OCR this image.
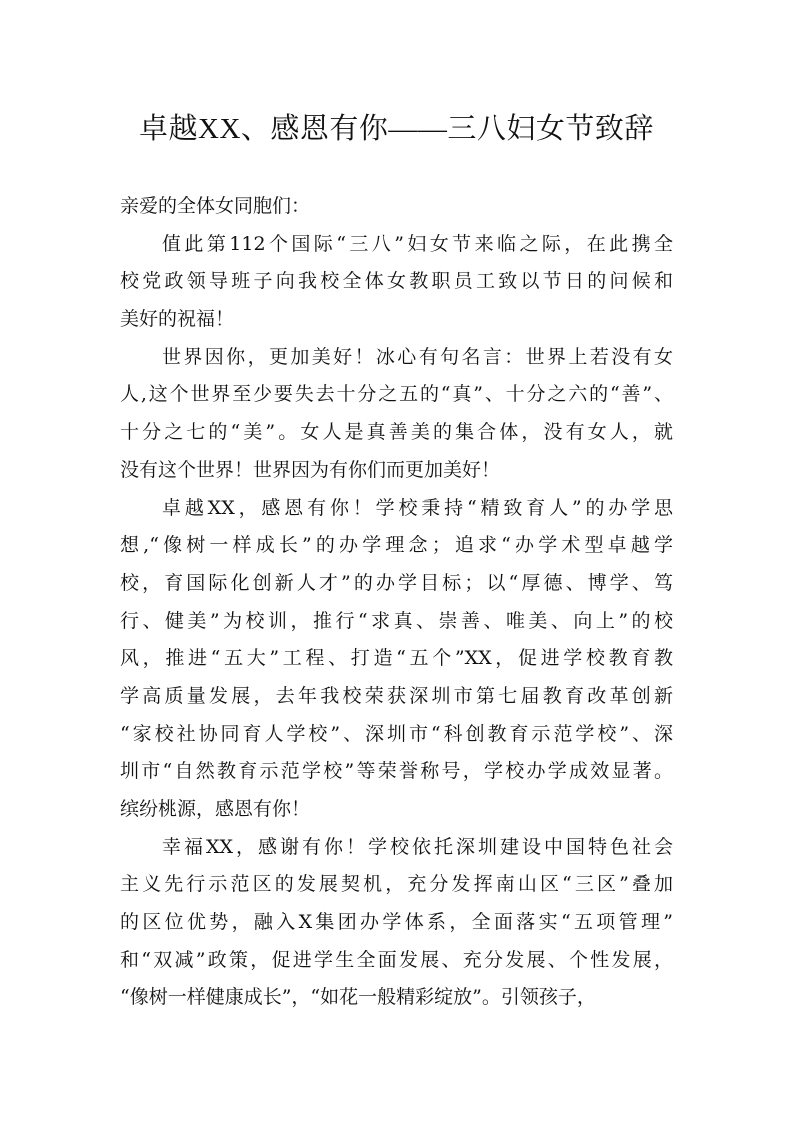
卓越XX、感恩有你——三八妇女节致辞
亲爱的全体女同胞们：
值此第112个国际“三八”妇女节来临之际，在此携全
校党政领导班子向我校全体女教职员工致以节日的问候和
美好的祝福！
世界因你，更加美好！冰心有句名言：世界上若没有女
人,这个世界至少要失去十分之五的“真”、十分之六的“善”、
十分之七的“美”。女人是真善美的集合体，没有女人，就
没有这个世界！世界因为有你们而更加美好！
卓越XX，感恩有你！学校秉持“精致育人”的办学思
想,“像树一样成长”的办学理念；追求“办学术型卓越学
校，育国际化创新人才”的办学目标；以“厚德、博学、笃
行、健美”为校训，推行“求真、崇善、唯美、向上”的校
风，推进“五大”工程、打造“五个”XX，促进学校教育教
学高质量发展，去年我校荣获深圳市第七届教育改革创新
“家校社协同育人学校”、深圳市“科创教育示范学校”、深
圳市“自然教育示范学校”等荣誉称号，学校办学成效显著。
缤纷桃源，感恩有你！
幸福XX，感谢有你！学校依托深圳建设中国特色社会
主义先行示范区的发展契机，充分发挥南山区“三区”叠加
的区位优势，融入X集团办学体系，全面落实“五项管理”
和“双减”政策，促进学生全面发展、充分发展、个性发展，
“像树一样健康成长”，“如花一般精彩绽放”。引领孩子，
